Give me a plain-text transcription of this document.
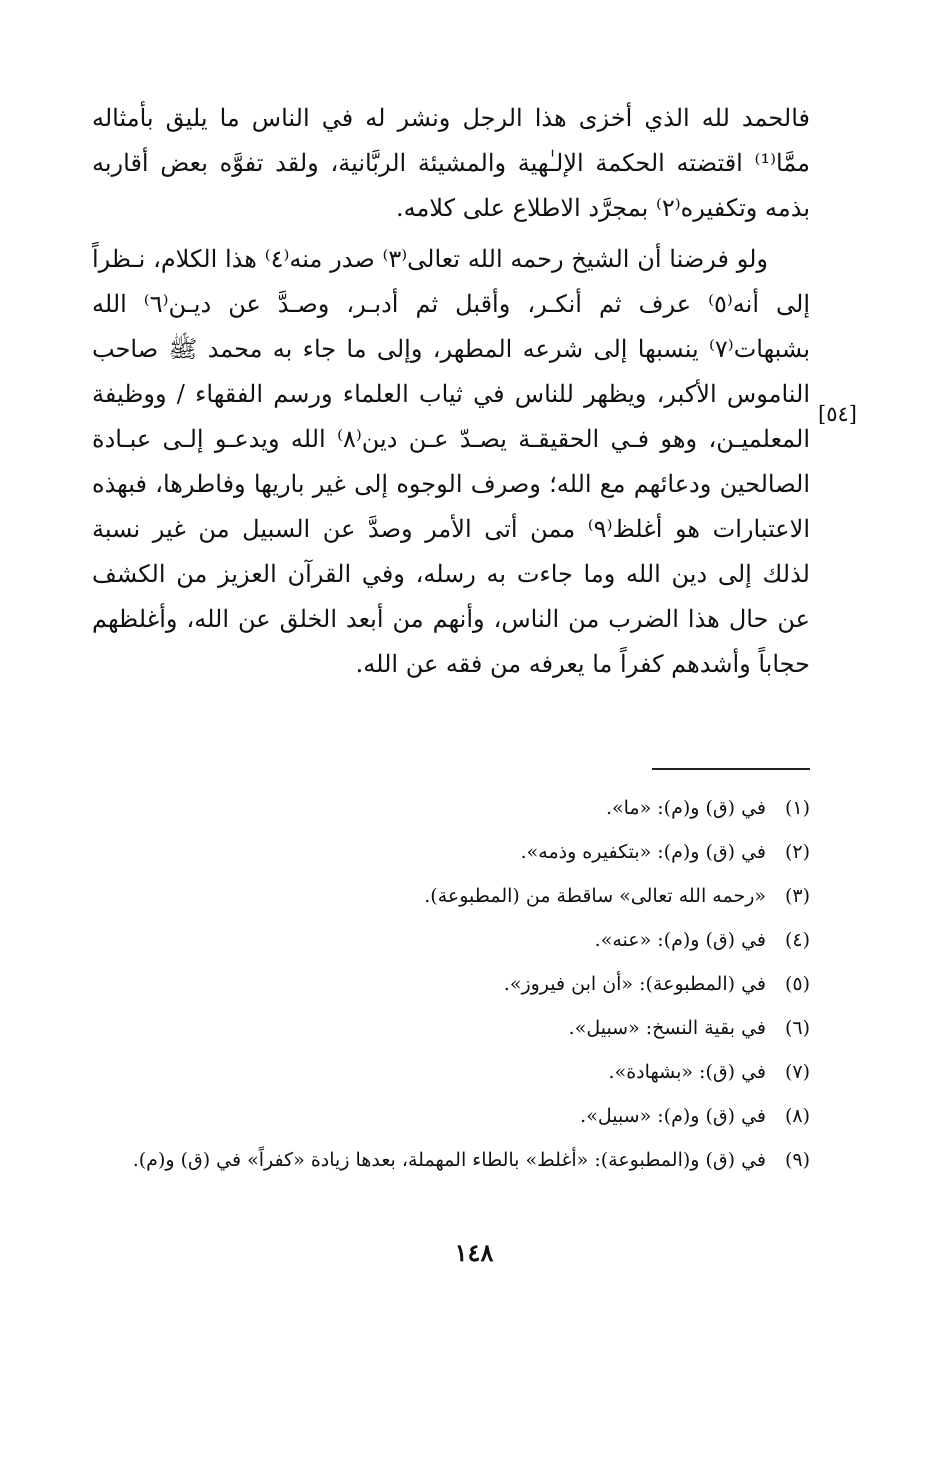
فالحمد لله الذي أخزى هذا الرجل ونشر له في الناس ما يليق بأمثاله ممَّا⁽¹⁾ اقتضته الحكمة الإلـٰهية والمشيئة الربَّانية، ولقد تفوَّه بعض أقاربه بذمه وتكفيره⁽٢⁾ بمجرَّد الاطلاع على كلامه.

ولو فرضنا أن الشيخ رحمه الله تعالى⁽٣⁾ صدر منه⁽٤⁾ هذا الكلام، نـظراً إلى أنه⁽٥⁾ عرف ثم أنكـر، وأقبل ثم أدبـر، وصـدَّ عن ديـن⁽٦⁾ الله بشبهات⁽٧⁾ ينسبها إلى شرعه المطهر، وإلى ما جاء به محمد ﷺ صاحب الناموس الأكبر، ويظهر للناس في ثياب العلماء ورسم الفقهاء / ووظيفة المعلميـن، وهو فـي الحقيقـة يصـدّ عـن دين⁽٨⁾ الله ويدعـو إلـى عبـادة الصالحين ودعائهم مع الله؛ وصرف الوجوه إلى غير باريها وفاطرها، فبهذه الاعتبارات هو أغلظ⁽٩⁾ ممن أتى الأمر وصدَّ عن السبيل من غير نسبة لذلك إلى دين الله وما جاءت به رسله، وفي القرآن العزيز من الكشف عن حال هذا الضرب من الناس، وأنهم من أبعد الخلق عن الله، وأغلظهم حجاباً وأشدهم كفراً ما يعرفه من فقه عن الله.

[٥٤]
(١)
في (ق) و(م): «ما».
(٢)
في (ق) و(م): «بتكفيره وذمه».
(٣)
«رحمه الله تعالى» ساقطة من (المطبوعة).
(٤)
في (ق) و(م): «عنه».
(٥)
في (المطبوعة): «أن ابن فيروز».
(٦)
في بقية النسخ: «سبيل».
(٧)
في (ق): «بشهادة».
(٨)
في (ق) و(م): «سبيل».
(٩)
في (ق) و(المطبوعة): «أغلط» بالطاء المهملة، بعدها زيادة «كفراً» في (ق) و(م).
١٤٨
